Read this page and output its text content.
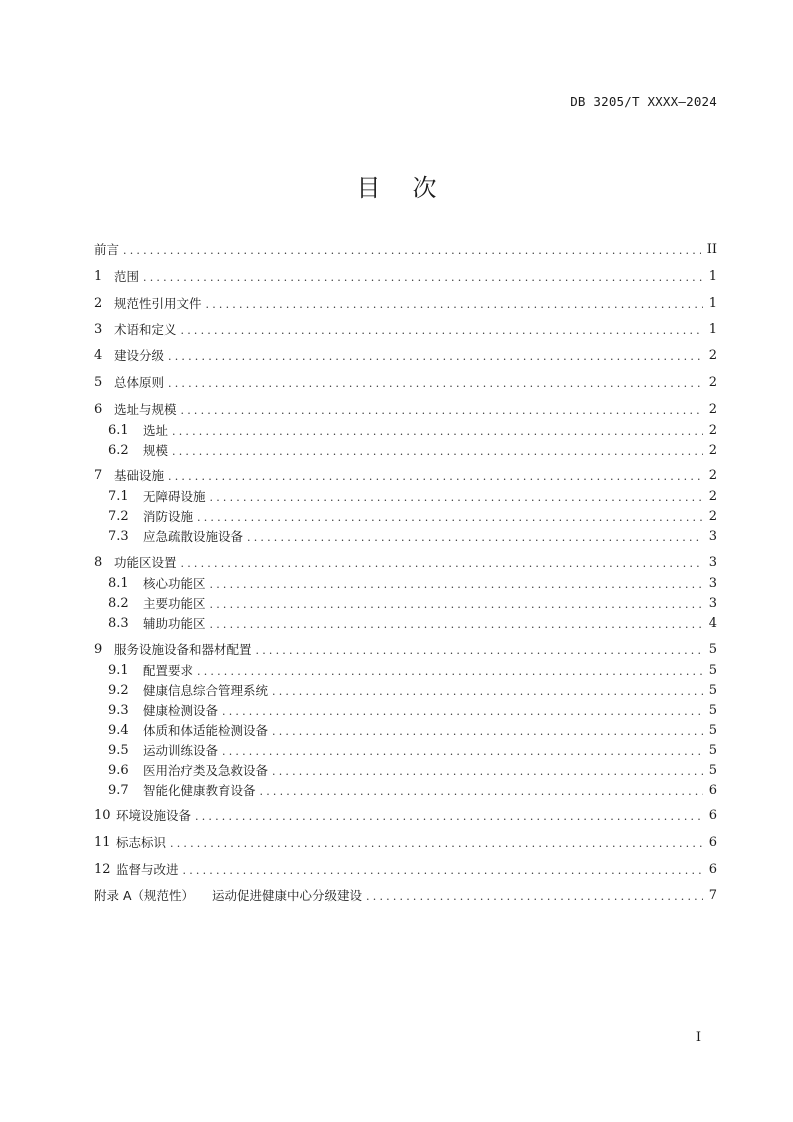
DB 3205/T XXXX—2024
目次
前言 .....	II
1 范围 .....	1
2 规范性引用文件 .....	1
3 术语和定义 .....	1
4 建设分级 .....	2
5 总体原则 .....	2
6 选址与规模 .....	2
6.1	选址 .....	2
6.2	规模 .....	2
7 基础设施 .....	2
7.1	无障碍设施 .....	2
7.2	消防设施 .....	2
7.3	应急疏散设施设备 .....	3
8 功能区设置 .....	3
8.1	核心功能区 .....	3
8.2	主要功能区 .....	3
8.3	辅助功能区 .....	4
9 服务设施设备和器材配置 .....	5
9.1	配置要求 .....	5
9.2	健康信息综合管理系统 .....	5
9.3	健康检测设备 .....	5
9.4	体质和体适能检测设备 .....	5
9.5	运动训练设备 .....	5
9.6	医用治疗类及急救设备 .....	5
9.7	智能化健康教育设备 .....	6
10 环境设施设备 .....	6
11 标志标识 .....	6
12 监督与改进 .....	6
附录 A（规范性） 运动促进健康中心分级建设 .....	7
I
